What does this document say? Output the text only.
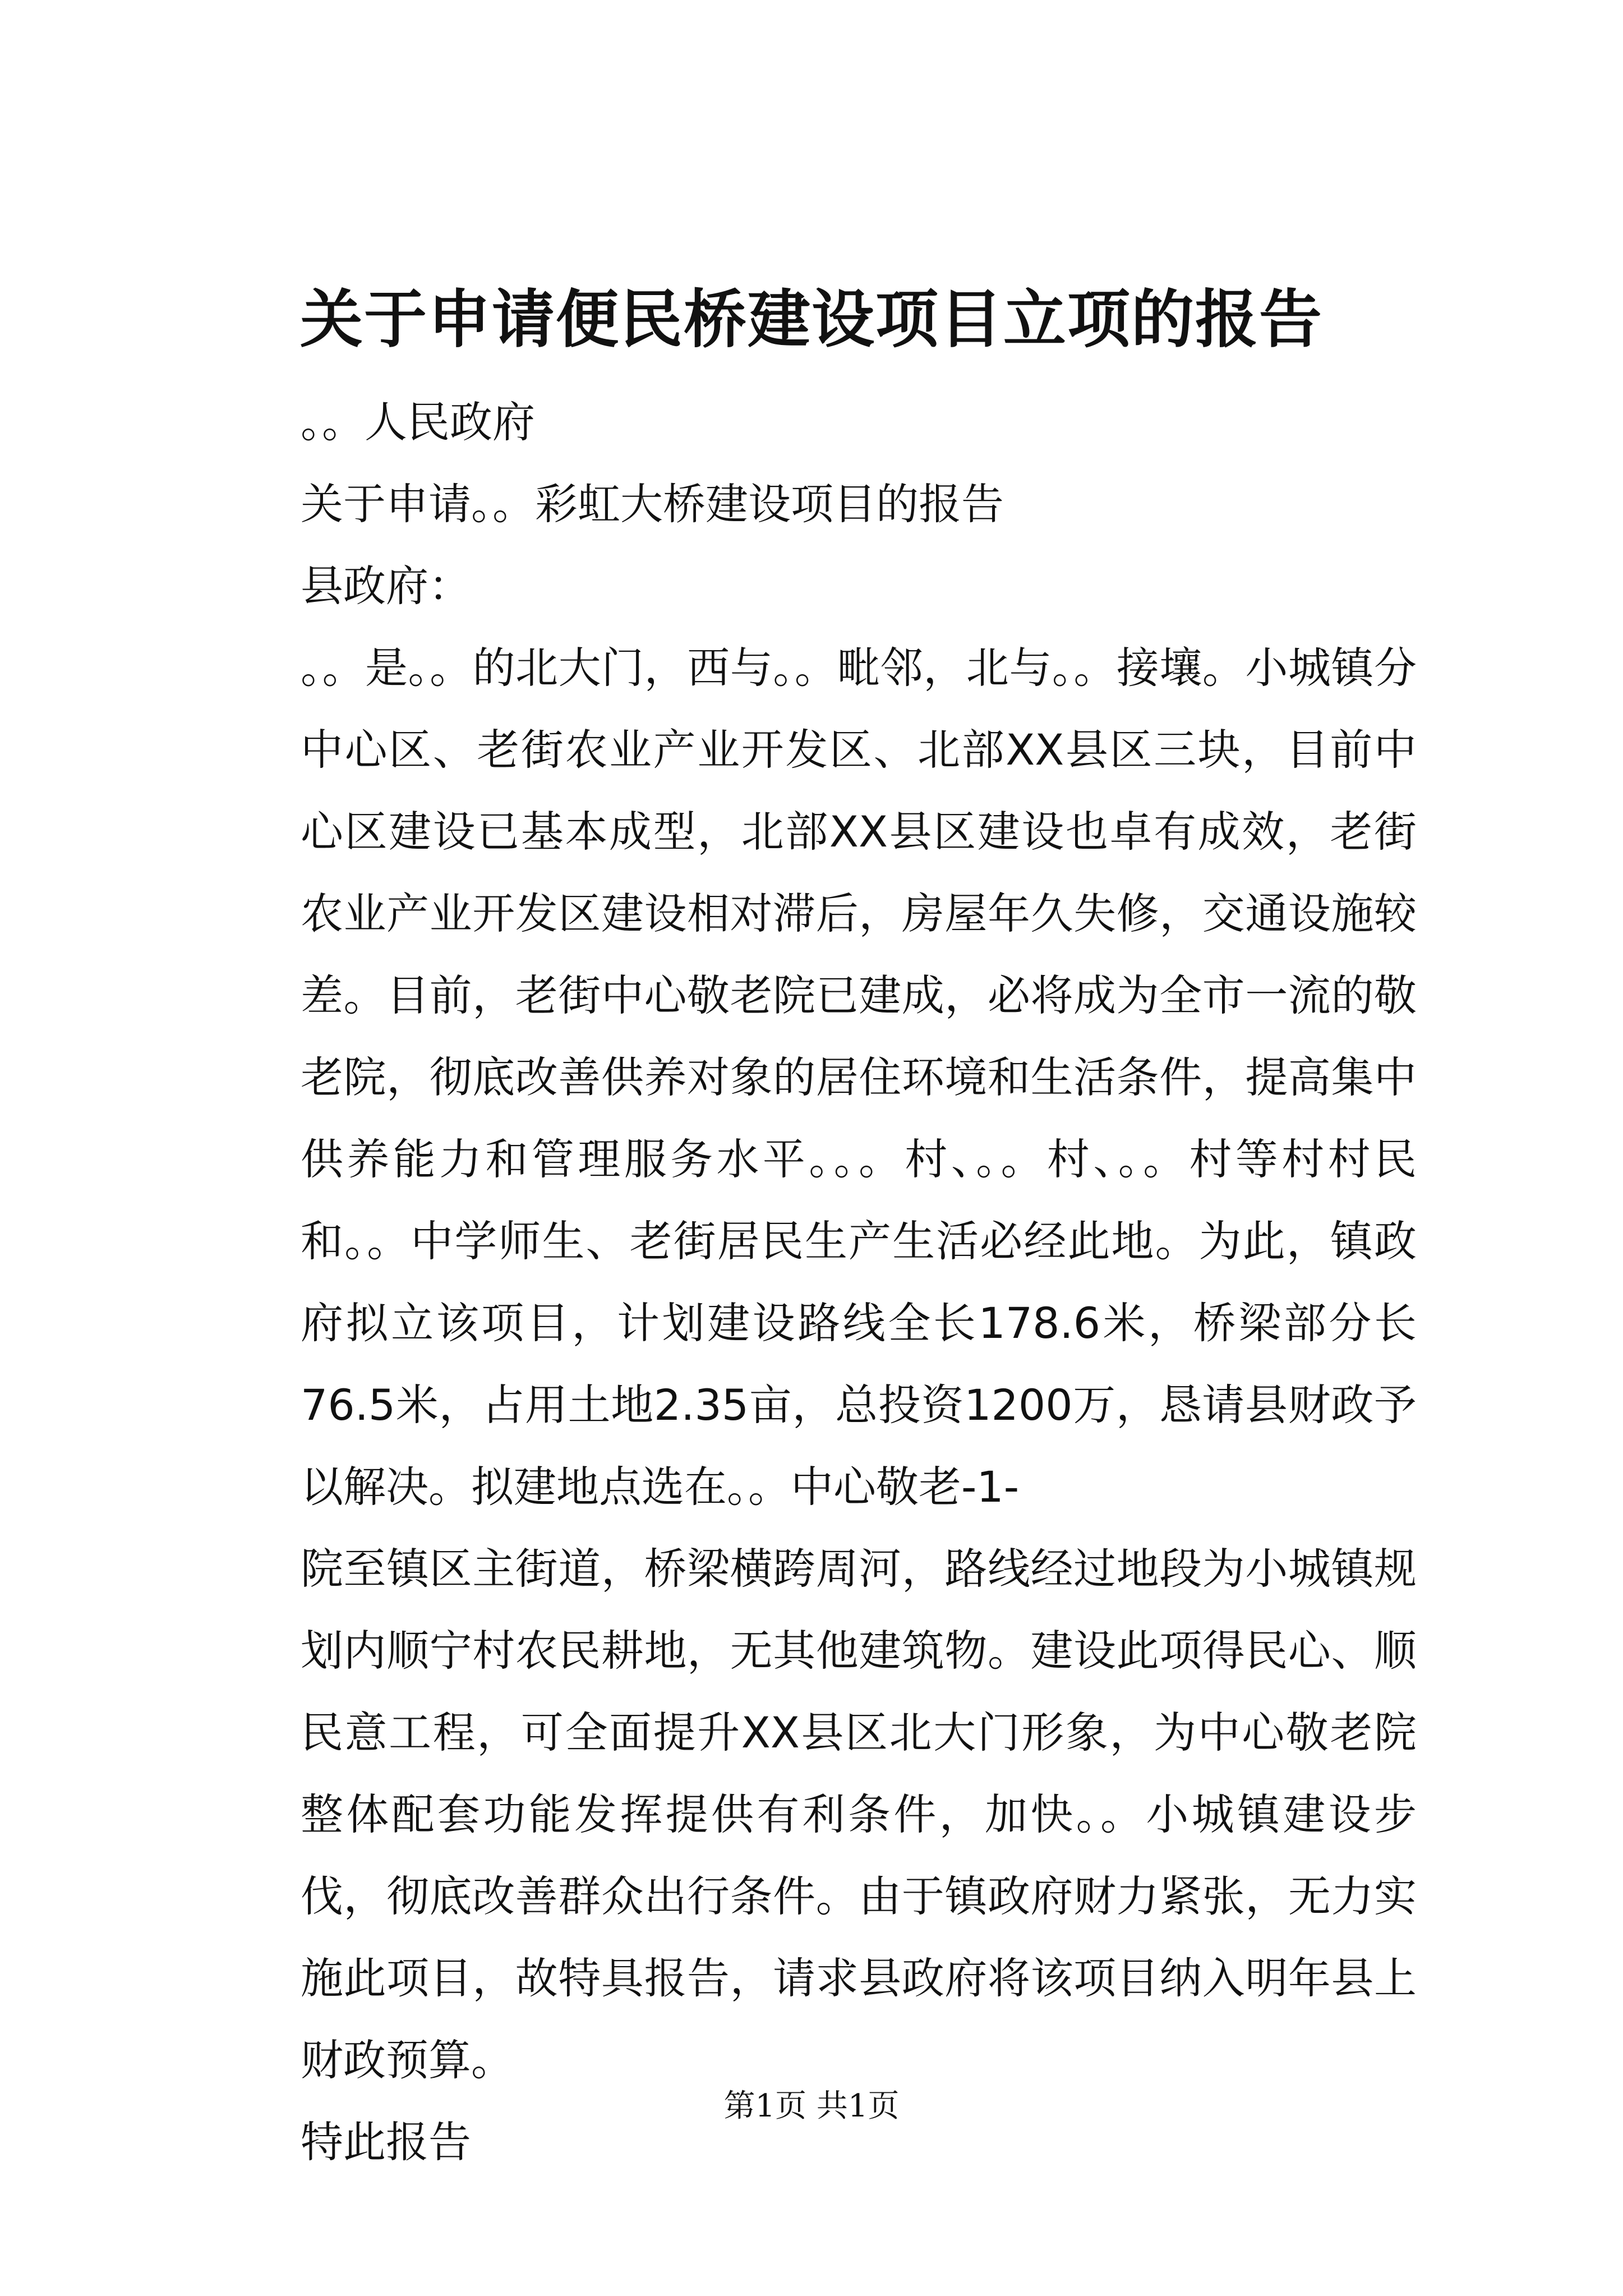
关于申请便民桥建设项目立项的报告

。。人民政府

关于申请。。彩虹大桥建设项目的报告

县政府：

。。是。。的北大门，西与。。毗邻，北与。。接壤。小城镇分中心区、老街农业产业开发区、北部XX县区三块，目前中心区建设已基本成型，北部XX县区建设也卓有成效，老街农业产业开发区建设相对滞后，房屋年久失修，交通设施较差。目前，老街中心敬老院已建成，必将成为全市一流的敬老院，彻底改善供养对象的居住环境和生活条件，提高集中供养能力和管理服务水平。。。村、。。村、。。村等村村民和。。中学师生、老街居民生产生活必经此地。为此，镇政府拟立该项目，计划建设路线全长178.6米，桥梁部分长76.5米，占用土地2.35亩，总投资1200万，恳请县财政予以解决。拟建地点选在。。中心敬老-1-

院至镇区主街道，桥梁横跨周河，路线经过地段为小城镇规划内顺宁村农民耕地，无其他建筑物。建设此项得民心、顺民意工程，可全面提升XX县区北大门形象，为中心敬老院整体配套功能发挥提供有利条件，加快。。小城镇建设步伐，彻底改善群众出行条件。由于镇政府财力紧张，无力实施此项目，故特具报告，请求县政府将该项目纳入明年县上财政预算。

特此报告

第1页 共1页
